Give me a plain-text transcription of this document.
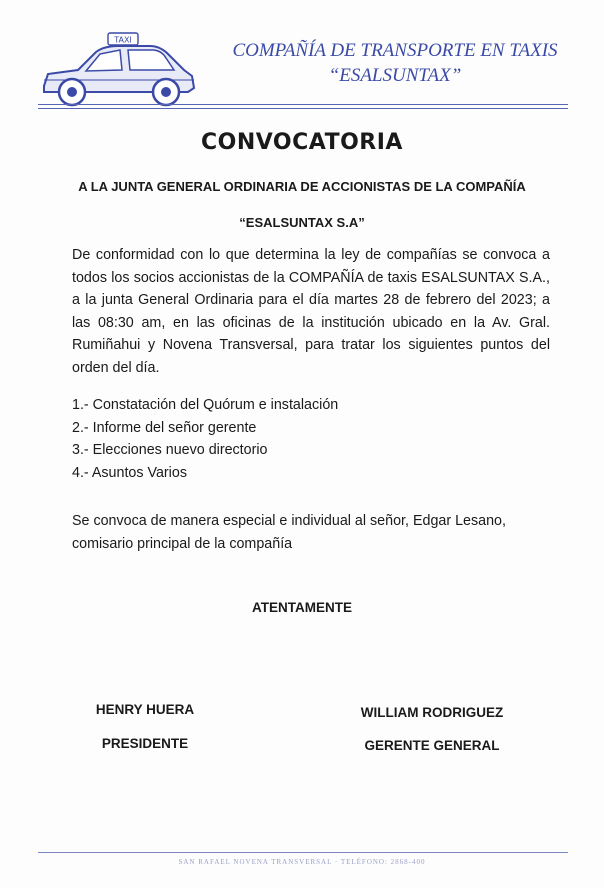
TAXI	COMPAÑÍA DE TRANSPORTE EN TAXIS
“ESALSUNTAX”
CONVOCATORIA
A LA JUNTA GENERAL ORDINARIA DE ACCIONISTAS DE LA COMPAÑÍA
“ESALSUNTAX S.A”
De conformidad con lo que determina la ley de compañías se convoca a todos los socios accionistas de la COMPAÑÍA de taxis ESALSUNTAX S.A., a la junta General Ordinaria para el día martes 28 de febrero del 2023; a las 08:30 am, en las oficinas de la institución ubicado en la Av. Gral. Rumiñahui y Novena Transversal, para tratar los siguientes puntos del orden del día.
1.- Constatación del Quórum e instalación
2.- Informe del señor gerente
3.- Elecciones nuevo directorio
4.- Asuntos Varios
Se convoca de manera especial e individual al señor, Edgar Lesano,
comisario principal de la compañía
ATENTAMENTE
HENRY HUERA
PRESIDENTE
WILLIAM RODRIGUEZ
GERENTE GENERAL
SAN RAFAEL NOVENA TRANSVERSAL · TELÉFONO: 2868-400
